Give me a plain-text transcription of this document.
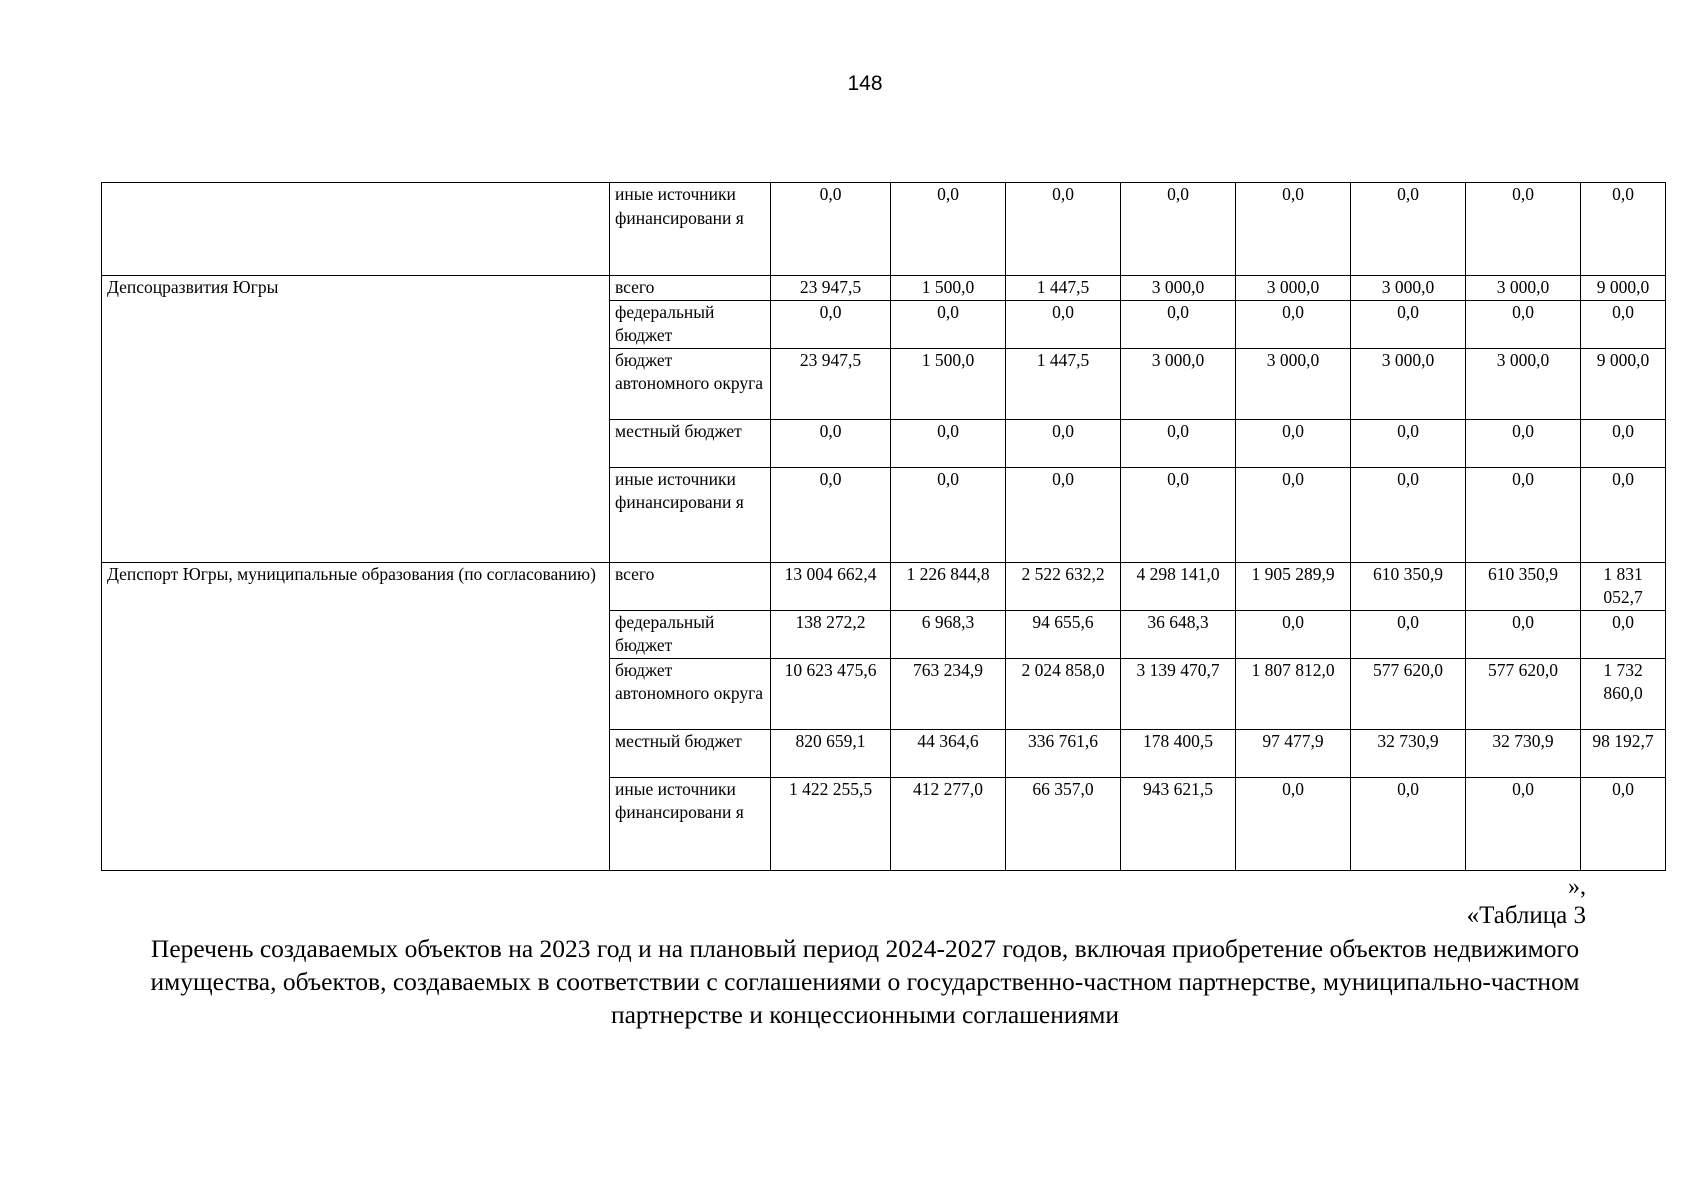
148
	иные источники финансировани я	0,0	0,0	0,0	0,0	0,0	0,0	0,0	0,0
Депсоцразвития Югры	всего	23 947,5	1 500,0	1 447,5	3 000,0	3 000,0	3 000,0	3 000,0	9 000,0
	федеральный бюджет	0,0	0,0	0,0	0,0	0,0	0,0	0,0	0,0
	бюджет автономного округа	23 947,5	1 500,0	1 447,5	3 000,0	3 000,0	3 000,0	3 000,0	9 000,0
	местный бюджет	0,0	0,0	0,0	0,0	0,0	0,0	0,0	0,0
	иные источники финансировани я	0,0	0,0	0,0	0,0	0,0	0,0	0,0	0,0
Депспорт Югры, муниципальные образования (по согласованию)	всего	13 004 662,4	1 226 844,8	2 522 632,2	4 298 141,0	1 905 289,9	610 350,9	610 350,9	1 831 052,7
	федеральный бюджет	138 272,2	6 968,3	94 655,6	36 648,3	0,0	0,0	0,0	0,0
	бюджет автономного округа	10 623 475,6	763 234,9	2 024 858,0	3 139 470,7	1 807 812,0	577 620,0	577 620,0	1 732 860,0
	местный бюджет	820 659,1	44 364,6	336 761,6	178 400,5	97 477,9	32 730,9	32 730,9	98 192,7
	иные источники финансировани я	1 422 255,5	412 277,0	66 357,0	943 621,5	0,0	0,0	0,0	0,0
»,
«Таблица 3
Перечень создаваемых объектов на 2023 год и на плановый период 2024-2027 годов, включая приобретение объектов недвижимого имущества, объектов, создаваемых в соответствии с соглашениями о государственно-частном партнерстве, муниципально-частном партнерстве и концессионными соглашениями
